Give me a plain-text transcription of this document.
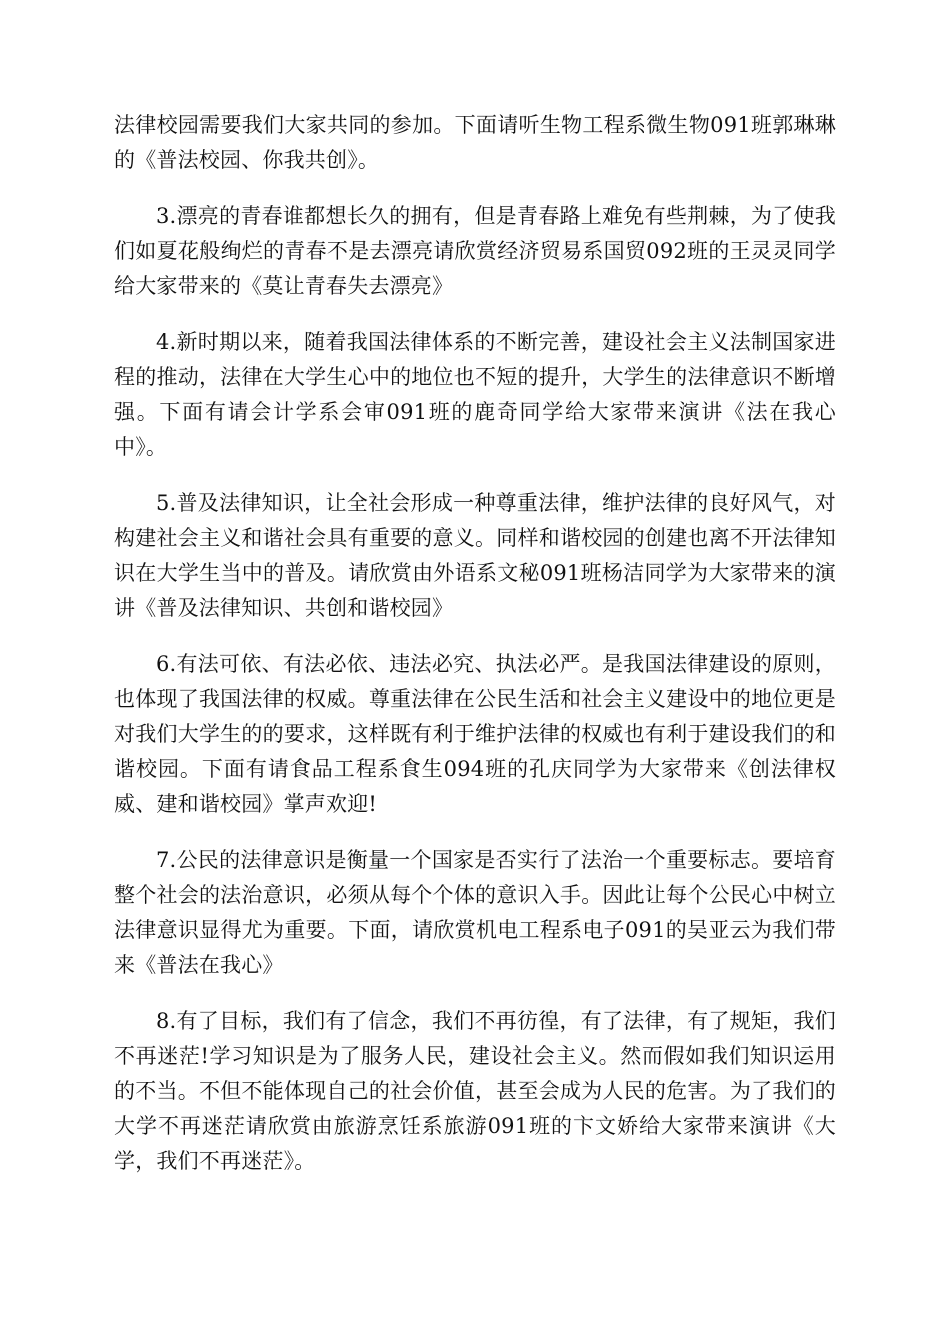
法律校园需要我们大家共同的参加。下面请听生物工程系微生物091班郭琳琳的《普法校园、你我共创》。

3.漂亮的青春谁都想长久的拥有，但是青春路上难免有些荆棘，为了使我们如夏花般绚烂的青春不是去漂亮请欣赏经济贸易系国贸092班的王灵灵同学给大家带来的《莫让青春失去漂亮》

4.新时期以来，随着我国法律体系的不断完善，建设社会主义法制国家进程的推动，法律在大学生心中的地位也不短的提升，大学生的法律意识不断增强。下面有请会计学系会审091班的鹿奇同学给大家带来演讲《法在我心中》。

5.普及法律知识，让全社会形成一种尊重法律，维护法律的良好风气，对构建社会主义和谐社会具有重要的意义。同样和谐校园的创建也离不开法律知识在大学生当中的普及。请欣赏由外语系文秘091班杨洁同学为大家带来的演讲《普及法律知识、共创和谐校园》

6.有法可依、有法必依、违法必究、执法必严。是我国法律建设的原则，也体现了我国法律的权威。尊重法律在公民生活和社会主义建设中的地位更是对我们大学生的的要求，这样既有利于维护法律的权威也有利于建设我们的和谐校园。下面有请食品工程系食生094班的孔庆同学为大家带来《创法律权威、建和谐校园》掌声欢迎!

7.公民的法律意识是衡量一个国家是否实行了法治一个重要标志。要培育整个社会的法治意识，必须从每个个体的意识入手。因此让每个公民心中树立法律意识显得尤为重要。下面，请欣赏机电工程系电子091的吴亚云为我们带来《普法在我心》

8.有了目标，我们有了信念，我们不再彷徨，有了法律，有了规矩，我们不再迷茫!学习知识是为了服务人民，建设社会主义。然而假如我们知识运用的不当。不但不能体现自己的社会价值，甚至会成为人民的危害。为了我们的大学不再迷茫请欣赏由旅游烹饪系旅游091班的卞文娇给大家带来演讲《大学，我们不再迷茫》。
